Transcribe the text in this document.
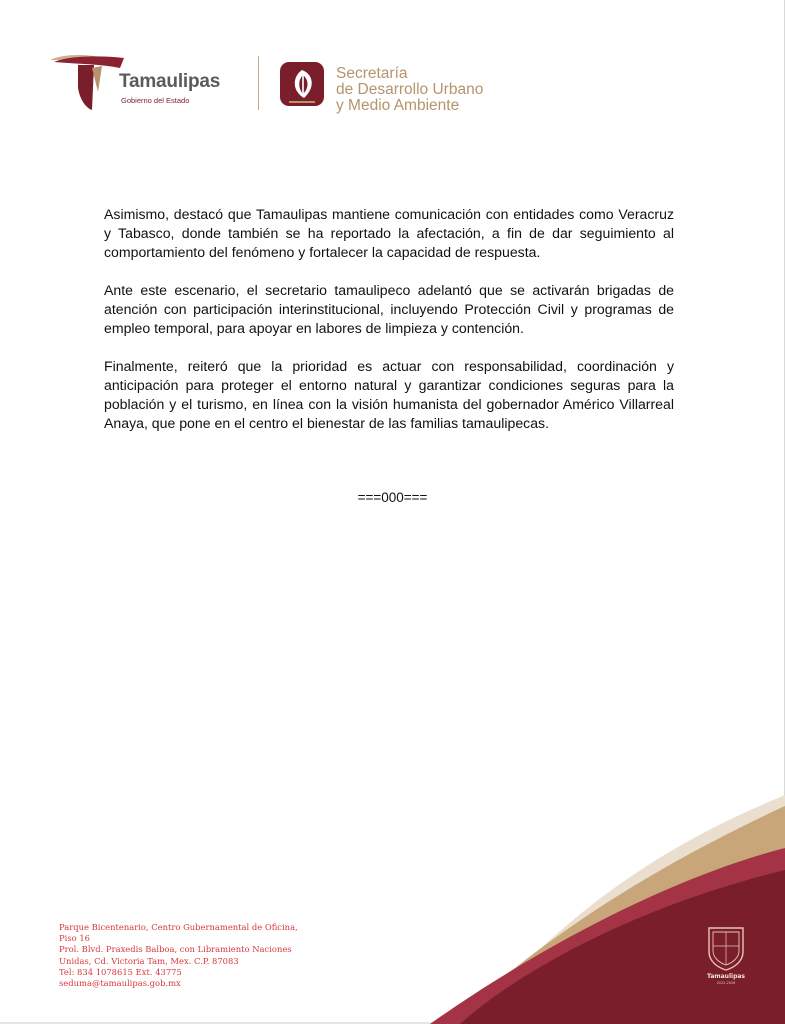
Tamaulipas
Gobierno del Estado
Secretaría
de Desarrollo Urbano
y Medio Ambiente

Asimismo, destacó que Tamaulipas mantiene comunicación con entidades como Veracruz y Tabasco, donde también se ha reportado la afectación, a fin de dar seguimiento al comportamiento del fenómeno y fortalecer la capacidad de respuesta.

Ante este escenario, el secretario tamaulipeco adelantó que se activarán brigadas de atención con participación interinstitucional, incluyendo Protección Civil y programas de empleo temporal, para apoyar en labores de limpieza y contención.

Finalmente, reiteró que la prioridad es actuar con responsabilidad, coordinación y anticipación para proteger el entorno natural y garantizar condiciones seguras para la población y el turismo, en línea con la visión humanista del gobernador Américo Villarreal Anaya, que pone en el centro el bienestar de las familias tamaulipecas.

===000===
Tamaulipas
2022-2028
Parque Bicentenario, Centro Gubernamental de Oficina,
Piso 16
Prol. Blvd. Praxedis Balboa, con Libramiento Naciones
Unidas, Cd. Victoria Tam, Mex. C.P. 87083
Tel: 834 1078615 Ext. 43775
seduma@tamaulipas.gob.mx
